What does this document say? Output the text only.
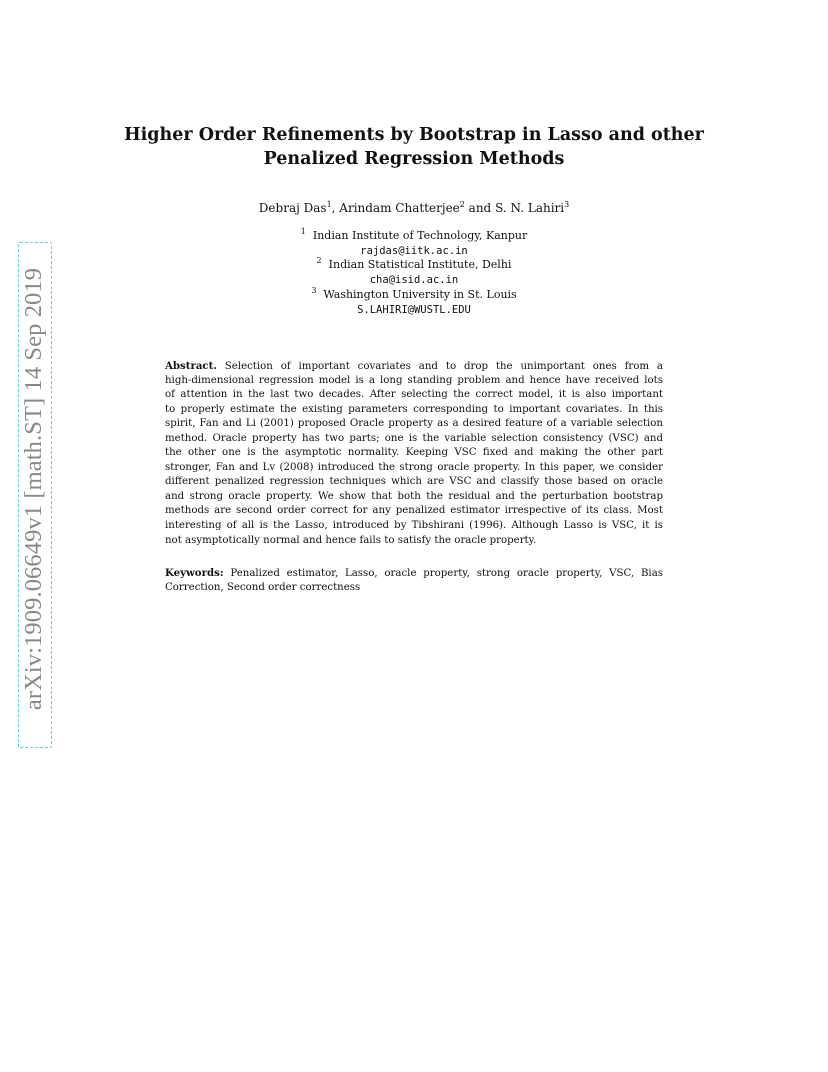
arXiv:1909.06649v1 [math.ST] 14 Sep 2019
Higher Order Refinements by Bootstrap in Lasso and other
Penalized Regression Methods
Debraj Das$^1$, Arindam Chatterjee$^2$ and S. N. Lahiri$^3$
$^1$ Indian Institute of Technology, Kanpur
rajdas@iitk.ac.in
$^2$ Indian Statistical Institute, Delhi
cha@isid.ac.in
$^3$ Washington University in St. Louis
S.LAHIRI@WUSTL.EDU
Abstract. Selection of important covariates and to drop the unimportant ones from a
high-dimensional regression model is a long standing problem and hence have received lots
of attention in the last two decades. After selecting the correct model, it is also important
to properly estimate the existing parameters corresponding to important covariates. In this
spirit, Fan and Li (2001) proposed Oracle property as a desired feature of a variable selection
method. Oracle property has two parts; one is the variable selection consistency (VSC) and
the other one is the asymptotic normality. Keeping VSC fixed and making the other part
stronger, Fan and Lv (2008) introduced the strong oracle property. In this paper, we consider
different penalized regression techniques which are VSC and classify those based on oracle
and strong oracle property. We show that both the residual and the perturbation bootstrap
methods are second order correct for any penalized estimator irrespective of its class. Most
interesting of all is the Lasso, introduced by Tibshirani (1996). Although Lasso is VSC, it is
not asymptotically normal and hence fails to satisfy the oracle property.
Keywords: Penalized estimator, Lasso, oracle property, strong oracle property, VSC, Bias
Correction, Second order correctness
